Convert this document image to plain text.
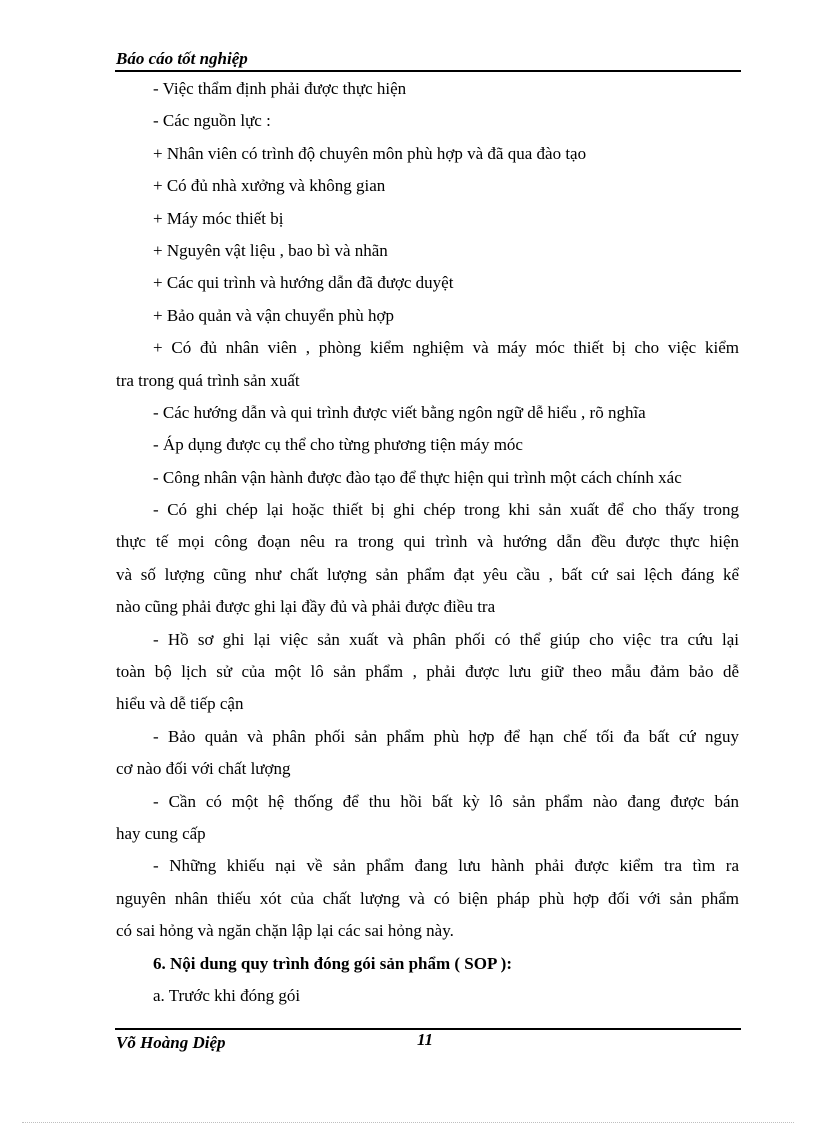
Báo cáo tốt nghiệp
- Việc thẩm định phải được thực hiện
- Các nguồn lực :
+ Nhân viên có trình độ chuyên môn phù hợp và đã qua đào tạo
+ Có đủ nhà xưởng và không gian
+ Máy móc thiết bị
+ Nguyên vật liệu , bao bì và nhãn
+ Các qui trình và hướng dẫn đã được duyệt
+ Bảo quản và vận chuyển phù hợp
+ Có đủ nhân viên , phòng kiểm nghiệm và máy móc thiết bị cho việc kiểm
tra trong quá trình sản xuất
- Các hướng dẫn và qui trình được viết bằng ngôn ngữ dễ hiểu , rõ nghĩa
- Áp dụng được cụ thể cho từng phương tiện máy móc
- Công nhân vận hành được đào tạo để thực hiện qui trình một cách chính xác
- Có ghi chép lại hoặc thiết bị ghi chép trong khi sản xuất để cho thấy trong
thực tế mọi công đoạn nêu ra trong qui trình và hướng dẫn đều được thực hiện
và số lượng cũng như chất lượng sản phẩm đạt yêu cầu , bất cứ sai lệch đáng kể
nào cũng phải được ghi lại đầy đủ và phải được điều tra
- Hồ sơ ghi lại việc sản xuất và phân phối có thể giúp cho việc tra cứu lại
toàn bộ lịch sử của một lô sản phẩm , phải được lưu giữ theo mẫu đảm bảo dễ
hiểu và dễ tiếp cận
- Bảo quản và phân phối sản phẩm phù hợp để hạn chế tối đa bất cứ nguy
cơ nào đối với chất lượng
- Cần có một hệ thống để thu hồi bất kỳ lô sản phẩm nào đang được bán
hay cung cấp
- Những khiếu nại về sản phẩm đang lưu hành phải được kiểm tra tìm ra
nguyên nhân thiếu xót của chất lượng và có biện pháp phù hợp đối với sản phẩm
có sai hỏng và ngăn chặn lập lại các sai hỏng này.
6. Nội dung quy trình đóng gói sản phẩm ( SOP ):
a. Trước khi đóng gói
Võ Hoàng Diệp	11
